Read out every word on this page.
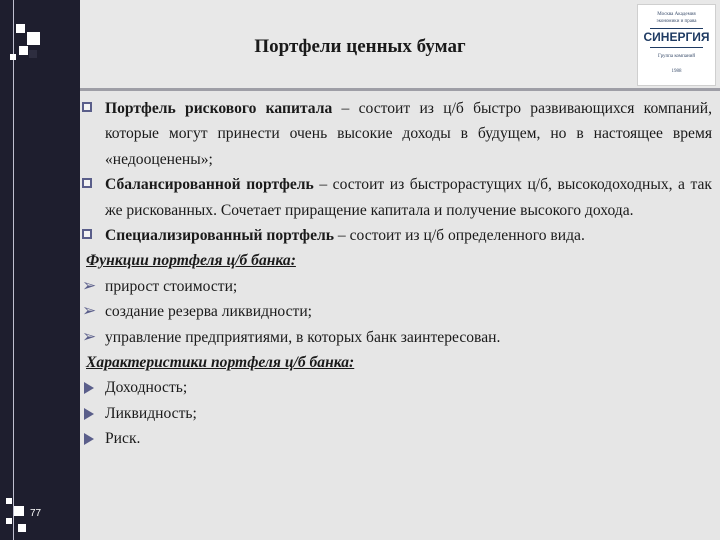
Портфели ценных бумаг
Москва Академия
экономики и права
СИНЕРГИЯ
Группа компаний
1988
77
Портфель рискового капитала – состоит из ц/б быстро развивающихся компаний, которые могут принести очень высокие доходы в будущем, но в настоящее время «недооценены»;
Сбалансированной портфель – состоит из быстрорастущих ц/б, высокодоходных, а так же рискованных. Сочетает приращение капитала и получение высокого дохода.
Специализированный портфель – состоит из ц/б определенного вида.
Функции портфеля ц/б банка:
➢ прирост стоимости;
➢ создание резерва ликвидности;
➢ управление предприятиями, в которых банк заинтересован.
Характеристики портфеля ц/б банка:
Доходность;
Ликвидность;
Риск.
